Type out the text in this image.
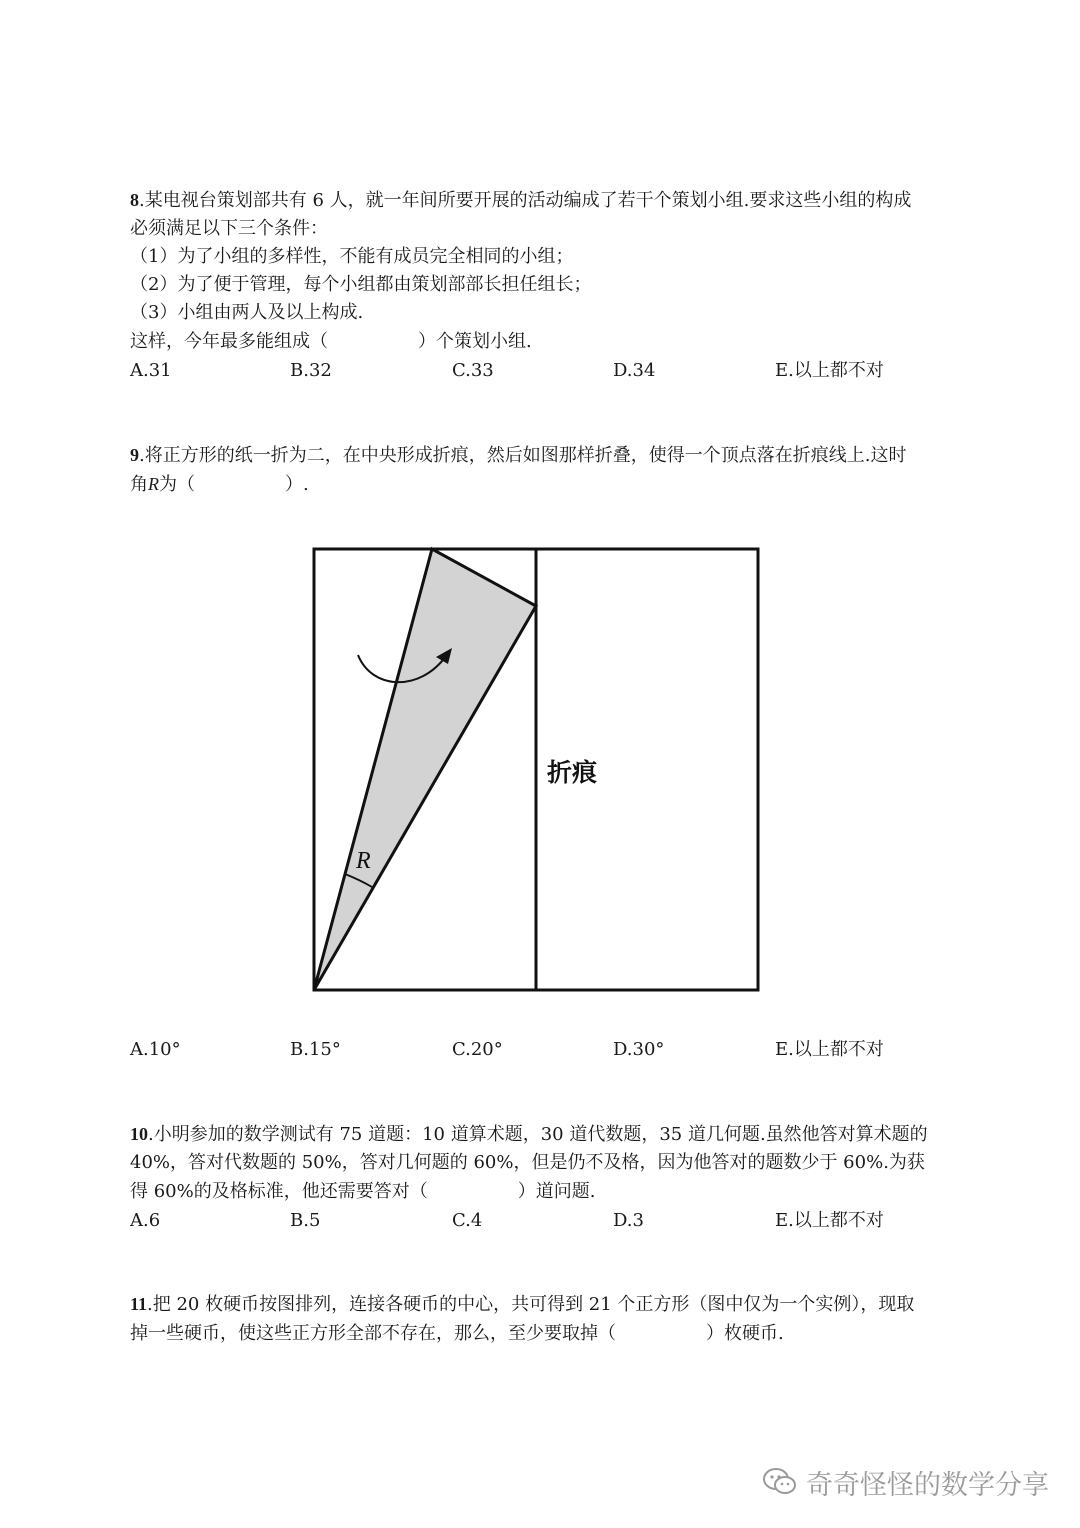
8.某电视台策划部共有 6 人，就一年间所要开展的活动编成了若干个策划小组.要求这些小组的构成
必须满足以下三个条件：
（1）为了小组的多样性，不能有成员完全相同的小组；
（2）为了便于管理，每个小组都由策划部部长担任组长；
（3）小组由两人及以上构成.
这样，今年最多能组成（　　　　　）个策划小组.
A.31	B.32	C.33	D.34	E.以上都不对
9.将正方形的纸一折为二，在中央形成折痕，然后如图那样折叠，使得一个顶点落在折痕线上.这时
角R为（　　　　　）.
R
折痕
A.10°	B.15°	C.20°	D.30°	E.以上都不对
10.小明参加的数学测试有 75 道题：10 道算术题，30 道代数题，35 道几何题.虽然他答对算术题的
40%，答对代数题的 50%，答对几何题的 60%，但是仍不及格，因为他答对的题数少于 60%.为获
得 60%的及格标准，他还需要答对（　　　　　）道问题.
A.6	B.5	C.4	D.3	E.以上都不对
11.把 20 枚硬币按图排列，连接各硬币的中心，共可得到 21 个正方形（图中仅为一个实例），现取
掉一些硬币，使这些正方形全部不存在，那么，至少要取掉（　　　　　）枚硬币.
奇奇怪怪的数学分享
